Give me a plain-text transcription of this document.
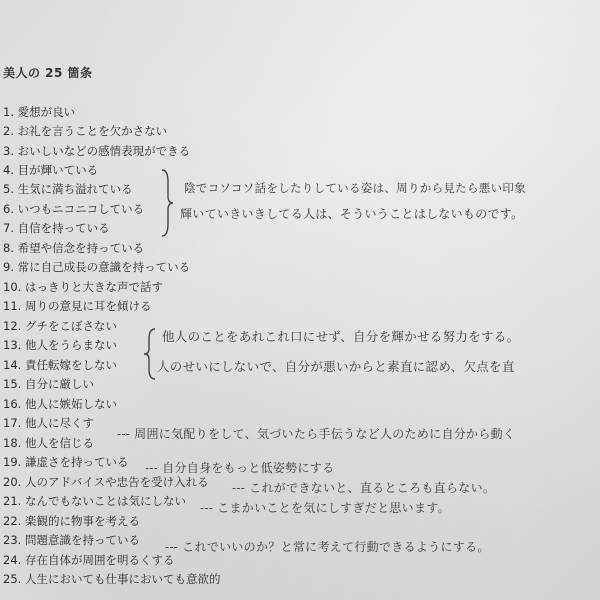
美人の 25 箇条
1. 愛想が良い
2. お礼を言うことを欠かさない
3. おいしいなどの感情表現ができる
4. 目が輝いている
5. 生気に満ち溢れている
6. いつもニコニコしている
7. 自信を持っている
8. 希望や信念を持っている
9. 常に自己成長の意識を持っている
10. はっきりと大きな声で話す
11. 周りの意見に耳を傾ける
12. グチをこぼさない
13. 他人をうらまない
14. 責任転嫁をしない
15. 自分に厳しい
16. 他人に嫉妬しない
17. 他人に尽くす
18. 他人を信じる
19. 謙虚さを持っている
20. 人のアドバイスや忠告を受け入れる
21. なんでもないことは気にしない
22. 楽観的に物事を考える
23. 問題意識を持っている
24. 存在自体が周囲を明るくする
25. 人生においても仕事においても意欲的
陰でコソコソ話をしたりしている姿は、周りから見たら悪い印象
輝いていきいきしてる人は、そういうことはしないものです。
他人のことをあれこれ口にせず、自分を輝かせる努力をする。
人のせいにしないで、自分が悪いからと素直に認め、欠点を直
--- 周囲に気配りをして、気づいたら手伝うなど人のために自分から動く
--- 自分自身をもっと低姿勢にする
--- これができないと、直るところも直らない。
--- こまかいことを気にしすぎだと思います。
--- これでいいのか？と常に考えて行動できるようにする。
